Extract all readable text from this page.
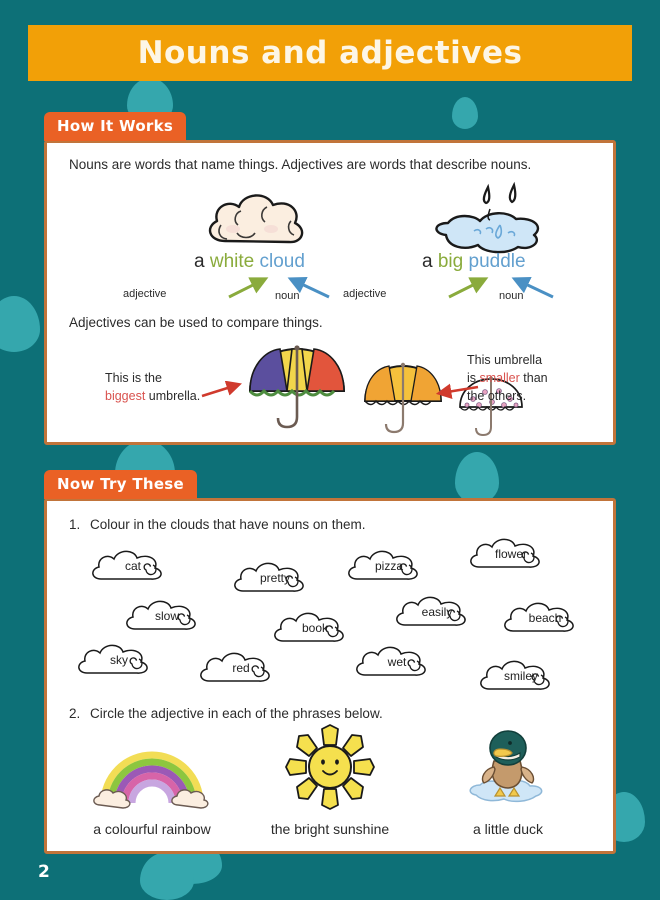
Nouns and adjectives
How It Works
Nouns are words that name things. Adjectives are words that describe nouns.
a white cloud
adjective	noun
a big puddle
adjective	noun
Adjectives can be used to compare things.
This is the
biggest umbrella.
This umbrella
is smaller than
the others.
Now Try These
1. Colour in the clouds that have nouns on them.
cat
pretty
pizza
flower
slow
book
easily	beach
sky
red	wet
smiley
2. Circle the adjective in each of the phrases below.
a colourful rainbow	the bright sunshine	a little duck
2
